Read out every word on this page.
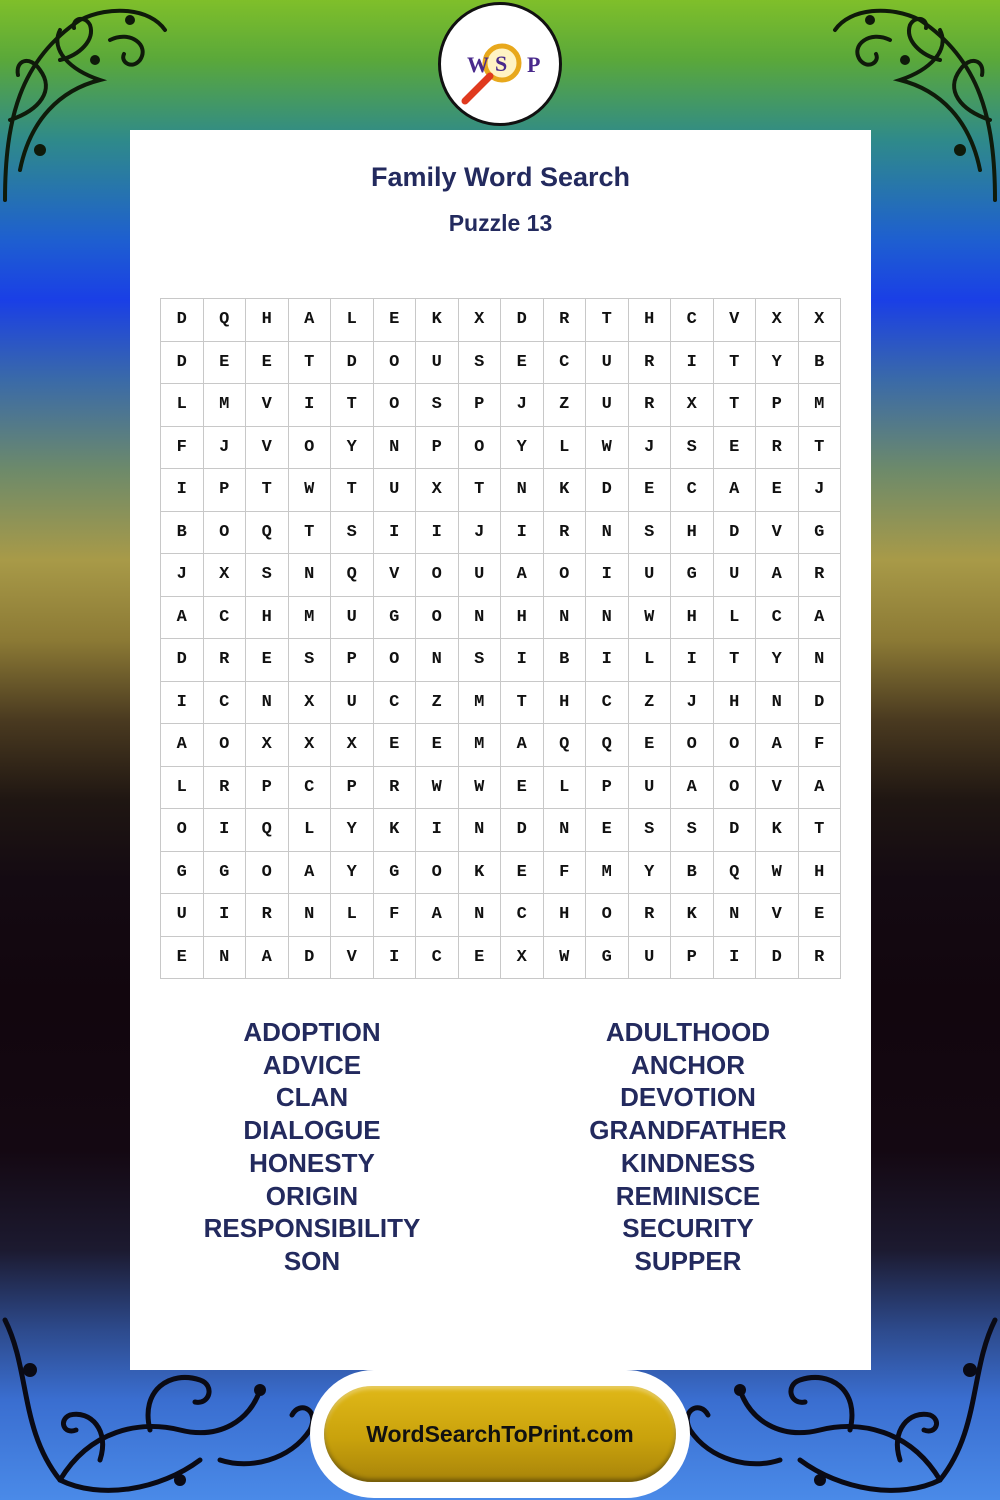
W S P
Family Word Search
Puzzle 13
D	Q	H	A	L	E	K	X	D	R	T	H	C	V	X	X
D	E	E	T	D	O	U	S	E	C	U	R	I	T	Y	B
L	M	V	I	T	O	S	P	J	Z	U	R	X	T	P	M
F	J	V	O	Y	N	P	O	Y	L	W	J	S	E	R	T
I	P	T	W	T	U	X	T	N	K	D	E	C	A	E	J
B	O	Q	T	S	I	I	J	I	R	N	S	H	D	V	G
J	X	S	N	Q	V	O	U	A	O	I	U	G	U	A	R
A	C	H	M	U	G	O	N	H	N	N	W	H	L	C	A
D	R	E	S	P	O	N	S	I	B	I	L	I	T	Y	N
I	C	N	X	U	C	Z	M	T	H	C	Z	J	H	N	D
A	O	X	X	X	E	E	M	A	Q	Q	E	O	O	A	F
L	R	P	C	P	R	W	W	E	L	P	U	A	O	V	A
O	I	Q	L	Y	K	I	N	D	N	E	S	S	D	K	T
G	G	O	A	Y	G	O	K	E	F	M	Y	B	Q	W	H
U	I	R	N	L	F	A	N	C	H	O	R	K	N	V	E
E	N	A	D	V	I	C	E	X	W	G	U	P	I	D	R
ADOPTION
ADVICE
CLAN
DIALOGUE
HONESTY
ORIGIN
RESPONSIBILITY
SON
ADULTHOOD
ANCHOR
DEVOTION
GRANDFATHER
KINDNESS
REMINISCE
SECURITY
SUPPER
WordSearchToPrint.com
